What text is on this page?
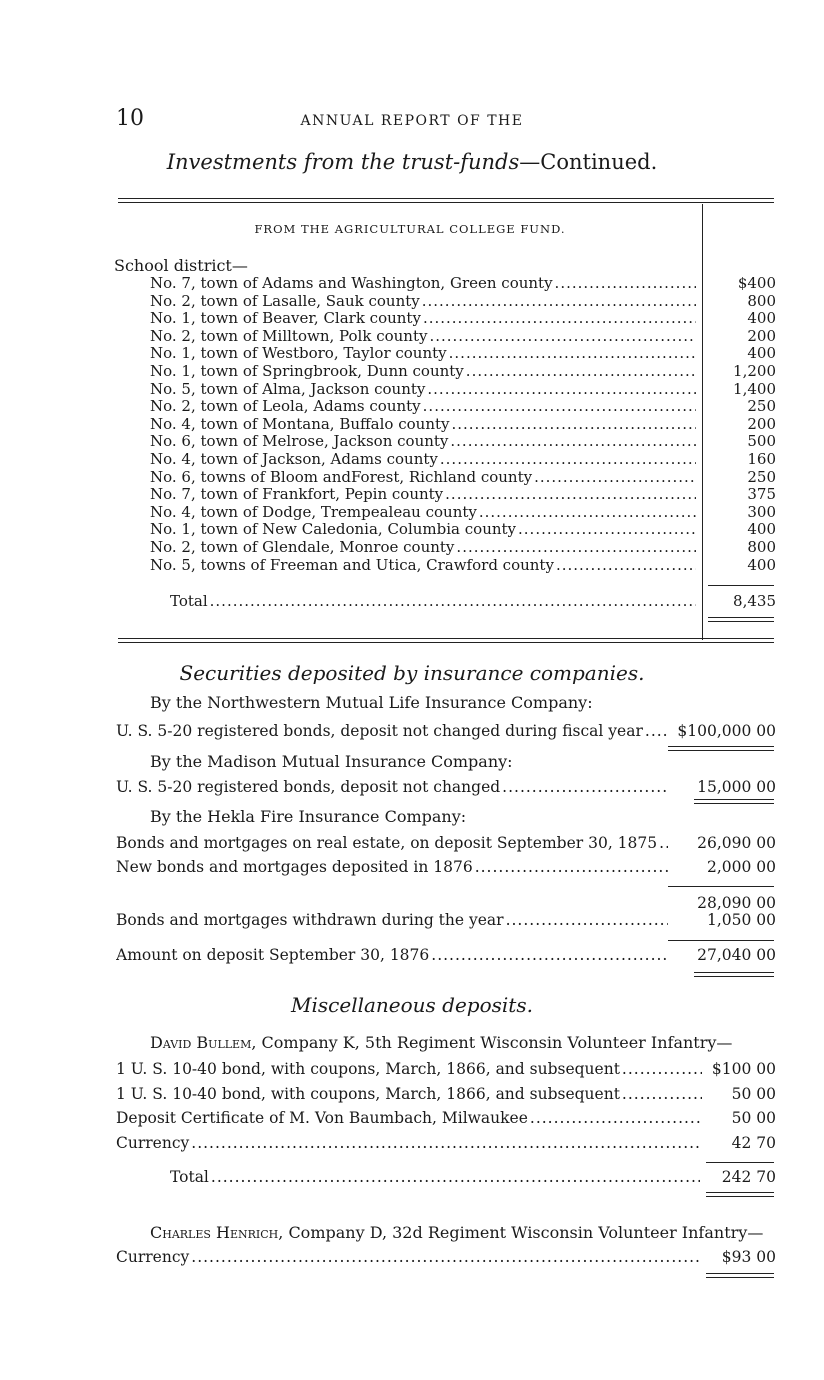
10	ANNUAL REPORT OF THE
Investments from the trust-funds—Continued.
FROM THE AGRICULTURAL COLLEGE FUND.
School district—
No. 7, town of Adams and Washington, Green county .....	$400
No. 2, town of Lasalle, Sauk county .....	800
No. 1, town of Beaver, Clark county .....	400
No. 2, town of Milltown, Polk county .....	200
No. 1, town of Westboro, Taylor county .....	400
No. 1, town of Springbrook, Dunn county .....	1,200
No. 5, town of Alma, Jackson county .....	1,400
No. 2, town of Leola, Adams county .....	250
No. 4, town of Montana, Buffalo county .....	200
No. 6, town of Melrose, Jackson county .....	500
No. 4, town of Jackson, Adams county .....	160
No. 6, towns of Bloom andForest, Richland county .....	250
No. 7, town of Frankfort, Pepin county .....	375
No. 4, town of Dodge, Trempealeau county .....	300
No. 1, town of New Caledonia, Columbia county .....	400
No. 2, town of Glendale, Monroe county .....	800
No. 5, towns of Freeman and Utica, Crawford county .....	400
Total .....	8,435
Securities deposited by insurance companies.
By the Northwestern Mutual Life Insurance Company:
U. S. 5-20 registered bonds, deposit not changed during fiscal year .....	$100,000 00
By the Madison Mutual Insurance Company:
U. S. 5-20 registered bonds, deposit not changed .....	15,000 00
By the Hekla Fire Insurance Company:
Bonds and mortgages on real estate, on deposit September 30, 1875 .....	26,090 00
New bonds and mortgages deposited in 1876 .....	2,000 00
28,090 00
Bonds and mortgages withdrawn during the year .....	1,050 00
Amount on deposit September 30, 1876 .....	27,040 00
Miscellaneous deposits.
David Bullem, Company K, 5th Regiment Wisconsin Volunteer Infantry—
1 U. S. 10-40 bond, with coupons, March, 1866, and subsequent .....	$100 00
1 U. S. 10-40 bond, with coupons, March, 1866, and subsequent .....	50 00
Deposit Certificate of M. Von Baumbach, Milwaukee .....	50 00
Currency .....	42 70
Total .....	242 70
Charles Henrich, Company D, 32d Regiment Wisconsin Volunteer Infantry—
Currency .....	$93 00
